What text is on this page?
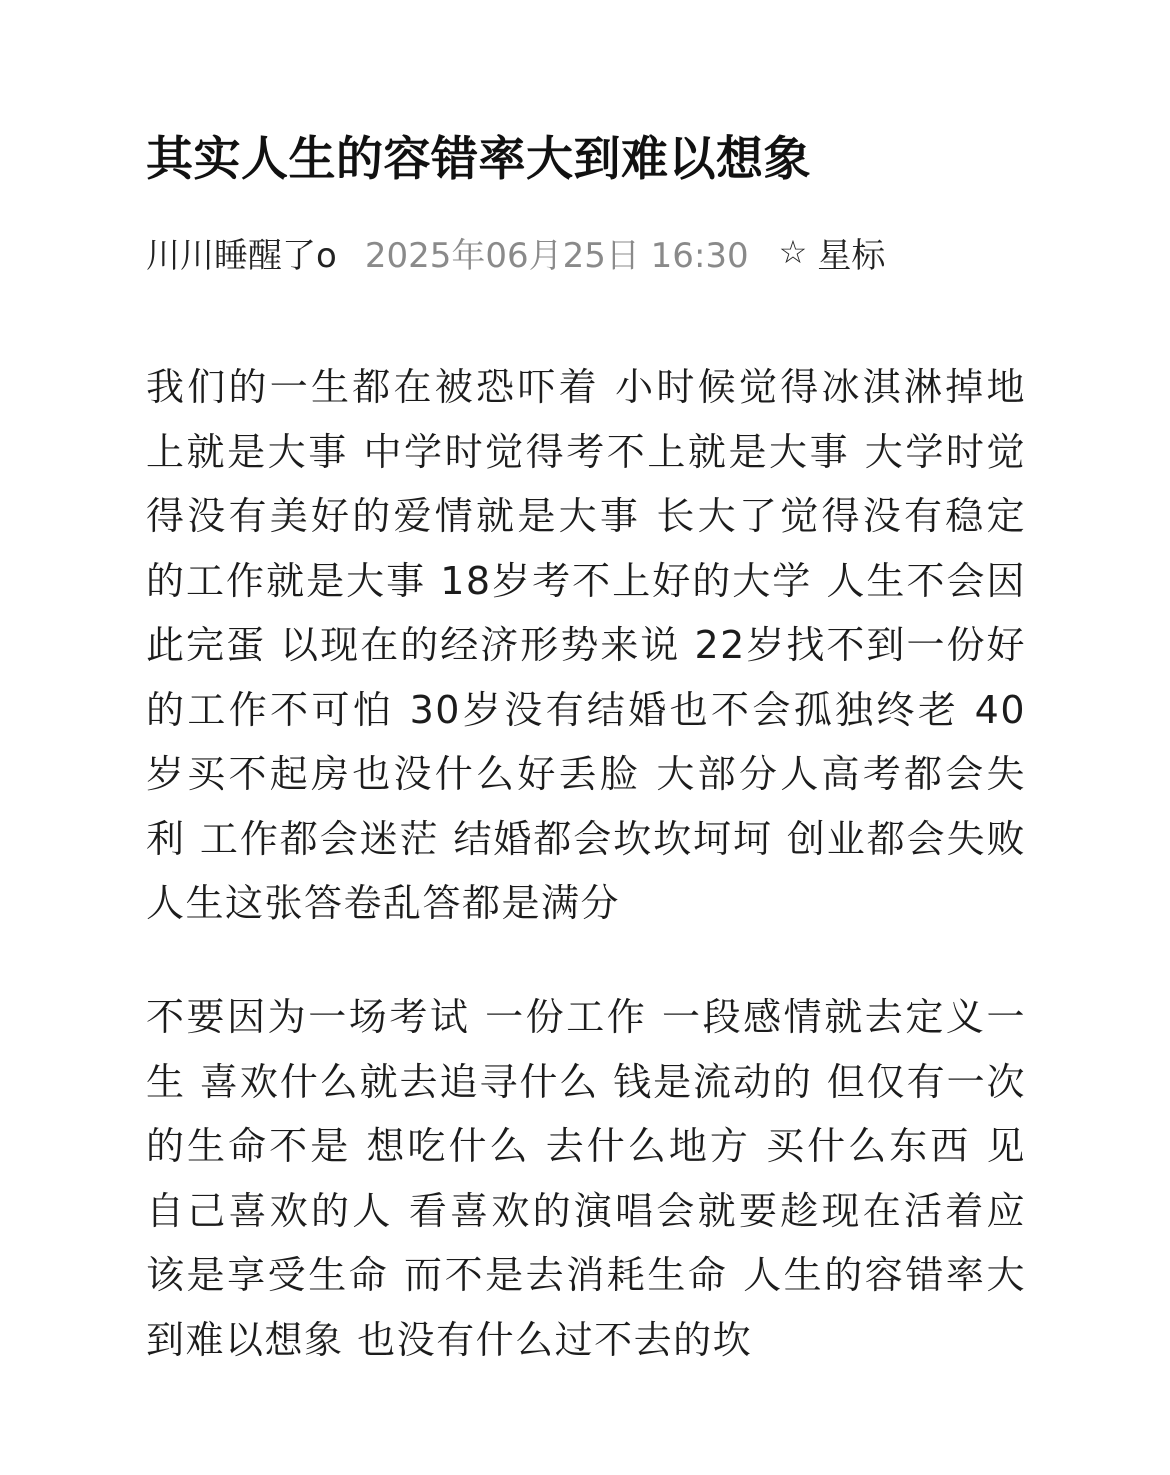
其实人生的容错率大到难以想象
川川睡醒了o 2025年06月25日 16:30 ☆ 星标

我们的一生都在被恐吓着 小时候觉得冰淇淋掉地上就是大事 中学时觉得考不上就是大事 大学时觉得没有美好的爱情就是大事 长大了觉得没有稳定的工作就是大事 18岁考不上好的大学 人生不会因此完蛋 以现在的经济形势来说 22岁找不到一份好的工作不可怕 30岁没有结婚也不会孤独终老 40岁买不起房也没什么好丢脸 大部分人高考都会失利 工作都会迷茫 结婚都会坎坎坷坷 创业都会失败 人生这张答卷乱答都是满分

不要因为一场考试 一份工作 一段感情就去定义一生 喜欢什么就去追寻什么 钱是流动的 但仅有一次的生命不是 想吃什么 去什么地方 买什么东西 见自己喜欢的人 看喜欢的演唱会就要趁现在活着应该是享受生命 而不是去消耗生命 人生的容错率大到难以想象 也没有什么过不去的坎
